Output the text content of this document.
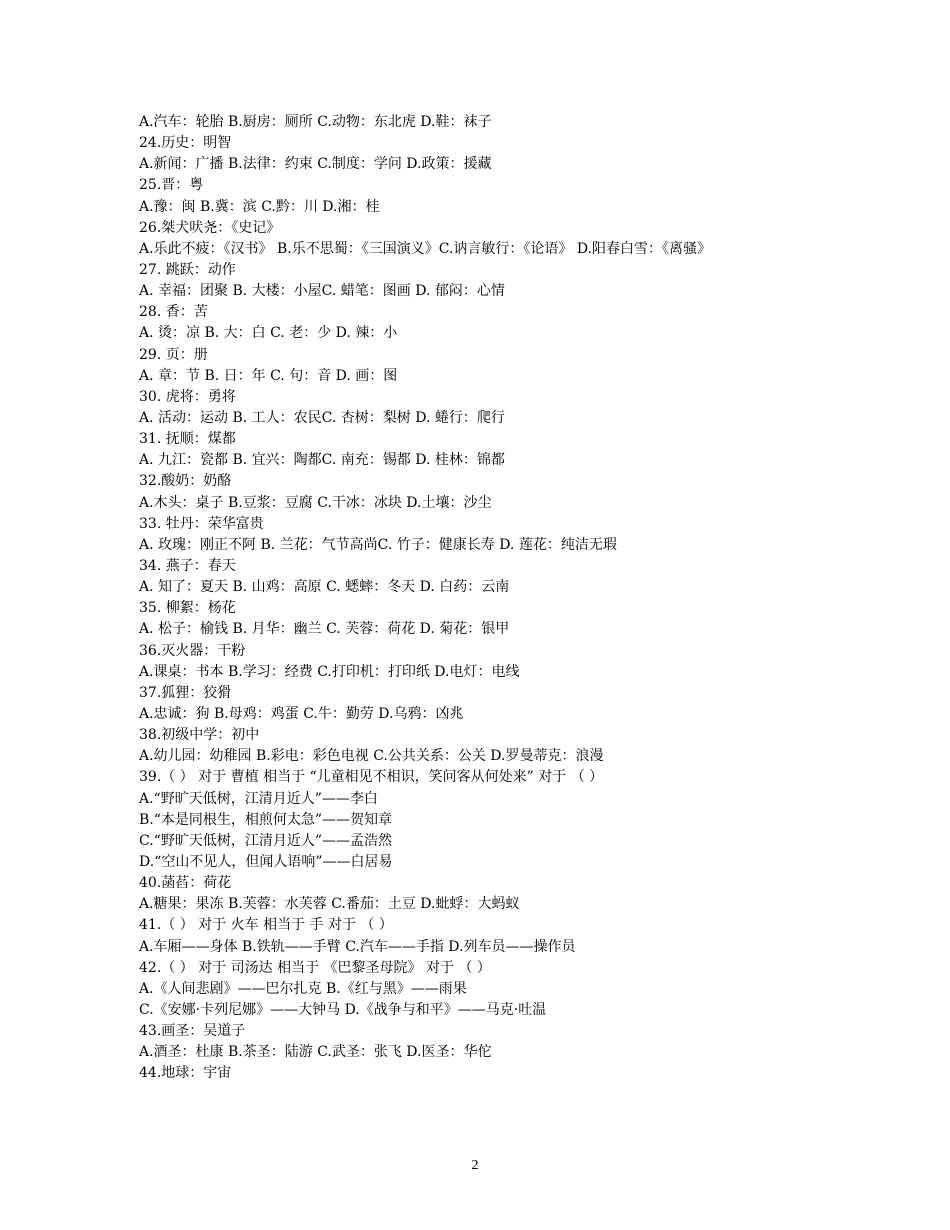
A.汽车：轮胎 B.厨房：厕所 C.动物：东北虎 D.鞋：袜子
24.历史：明智
A.新闻：广播 B.法律：约束 C.制度：学问 D.政策：援藏
25.晋：粤
A.豫：闽 B.冀：滨 C.黔：川 D.湘：桂
26.桀犬吠尧：《史记》
A.乐此不疲：《汉书》 B.乐不思蜀：《三国演义》C.讷言敏行：《论语》 D.阳春白雪：《离骚》
27. 跳跃：动作
A. 幸福：团聚 B. 大楼：小屋C. 蜡笔：图画 D. 郁闷：心情
28. 香：苦
A. 烫：凉 B. 大：白 C. 老：少 D. 辣：小
29. 页：册
A. 章：节 B. 日：年 C. 句：音 D. 画：图
30. 虎将：勇将
A. 活动：运动 B. 工人：农民C. 杏树：梨树 D. 蜷行：爬行
31. 抚顺：煤都
A. 九江：瓷都 B. 宜兴：陶都C. 南充：锡都 D. 桂林：锦都
32.酸奶：奶酪
A.木头：桌子 B.豆浆：豆腐 C.干冰：冰块 D.土壤：沙尘
33. 牡丹：荣华富贵
A. 玫瑰：刚正不阿 B. 兰花：气节高尚C. 竹子：健康长寿 D. 莲花：纯洁无瑕
34. 燕子：春天
A. 知了：夏天 B. 山鸡：高原 C. 蟋蟀：冬天 D. 白药：云南
35. 柳絮：杨花
A. 松子：榆钱 B. 月华：幽兰 C. 芙蓉：荷花 D. 菊花：银甲
36.灭火器：干粉
A.课桌：书本 B.学习：经费 C.打印机：打印纸 D.电灯：电线
37.狐狸：狡猾
A.忠诚：狗 B.母鸡：鸡蛋 C.牛：勤劳 D.乌鸦：凶兆
38.初级中学：初中
A.幼儿园：幼稚园 B.彩电：彩色电视 C.公共关系：公关 D.罗曼蒂克：浪漫
39.（ ） 对于 曹植 相当于 “儿童相见不相识，笑问客从何处来” 对于 （ ）
A.“野旷天低树，江清月近人”——李白
B.“本是同根生，相煎何太急”——贺知章
C.“野旷天低树，江清月近人”——孟浩然
D.“空山不见人，但闻人语响”——白居易
40.菡萏：荷花
A.糖果：果冻 B.芙蓉：水芙蓉 C.番茄：土豆 D.蚍蜉：大蚂蚁
41.（ ） 对于 火车 相当于 手 对于 （ ）
A.车厢——身体 B.铁轨——手臂 C.汽车——手指 D.列车员——操作员
42.（ ） 对于 司汤达 相当于 《巴黎圣母院》 对于 （ ）
A.《人间悲剧》——巴尔扎克 B.《红与黑》——雨果
C.《安娜·卡列尼娜》——大钟马 D.《战争与和平》——马克·吐温
43.画圣：吴道子
A.酒圣：杜康 B.茶圣：陆游 C.武圣：张飞 D.医圣：华佗
44.地球：宇宙
2
